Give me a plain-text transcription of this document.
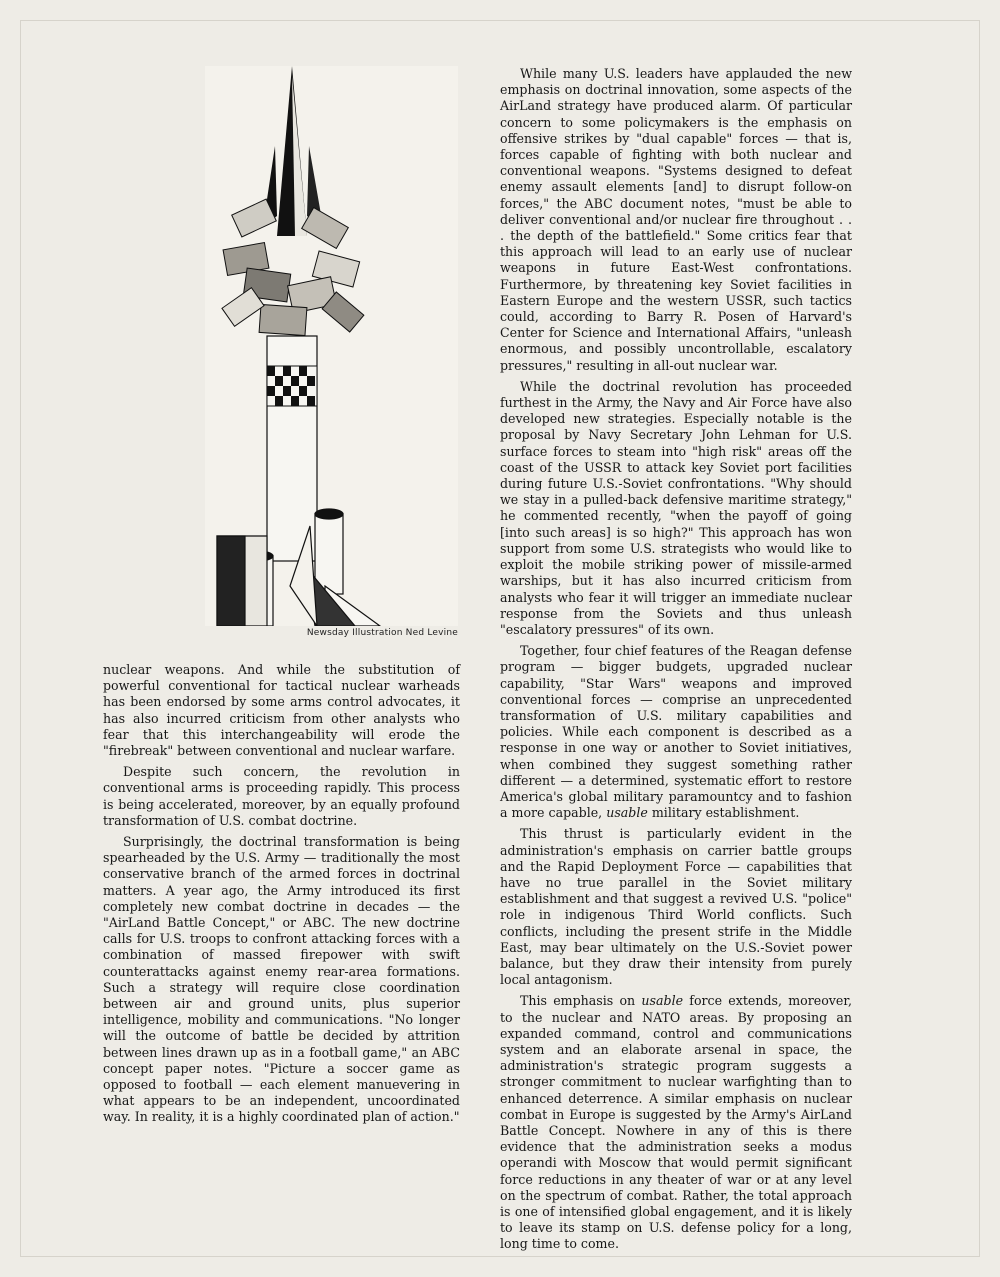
Newsday Illustration Ned Levine

nuclear weapons. And while the substitution of powerful conventional for tactical nuclear warheads has been endorsed by some arms control advocates, it has also incurred criticism from other analysts who fear that this interchangeability will erode the "firebreak" between conventional and nuclear warfare.

Despite such concern, the revolution in conventional arms is proceeding rapidly. This process is being accelerated, moreover, by an equally profound transformation of U.S. combat doctrine.

Surprisingly, the doctrinal transformation is being spearheaded by the U.S. Army — traditionally the most conservative branch of the armed forces in doctrinal matters. A year ago, the Army introduced its first completely new combat doctrine in decades — the "AirLand Battle Concept," or ABC. The new doctrine calls for U.S. troops to confront attacking forces with a combination of massed firepower with swift counterattacks against enemy rear-area formations. Such a strategy will require close coordination between air and ground units, plus superior intelligence, mobility and communications. "No longer will the outcome of battle be decided by attrition between lines drawn up as in a football game," an ABC concept paper notes. "Picture a soccer game as opposed to football — each element manuevering in what appears to be an independent, uncoordinated way. In reality, it is a highly coordinated plan of action."

While many U.S. leaders have applauded the new emphasis on doctrinal innovation, some aspects of the AirLand strategy have produced alarm. Of particular concern to some policymakers is the emphasis on offensive strikes by "dual capable" forces — that is, forces capable of fighting with both nuclear and conventional weapons. "Systems designed to defeat enemy assault elements [and] to disrupt follow-on forces," the ABC document notes, "must be able to deliver conventional and/or nuclear fire throughout . . . the depth of the battlefield." Some critics fear that this approach will lead to an early use of nuclear weapons in future East-West confrontations. Furthermore, by threatening key Soviet facilities in Eastern Europe and the western USSR, such tactics could, according to Barry R. Posen of Harvard's Center for Science and International Affairs, "unleash enormous, and possibly uncontrollable, escalatory pressures," resulting in all-out nuclear war.

While the doctrinal revolution has proceeded furthest in the Army, the Navy and Air Force have also developed new strategies. Especially notable is the proposal by Navy Secretary John Lehman for U.S. surface forces to steam into "high risk" areas off the coast of the USSR to attack key Soviet port facilities during future U.S.-Soviet confrontations. "Why should we stay in a pulled-back defensive maritime strategy," he commented recently, "when the payoff of going [into such areas] is so high?" This approach has won support from some U.S. strategists who would like to exploit the mobile striking power of missile-armed warships, but it has also incurred criticism from analysts who fear it will trigger an immediate nuclear response from the Soviets and thus unleash "escalatory pressures" of its own.

Together, four chief features of the Reagan defense program — bigger budgets, upgraded nuclear capability, "Star Wars" weapons and improved conventional forces — comprise an unprecedented transformation of U.S. military capabilities and policies. While each component is described as a response in one way or another to Soviet initiatives, when combined they suggest something rather different — a determined, systematic effort to restore America's global military paramountcy and to fashion a more capable, usable military establishment.

This thrust is particularly evident in the administration's emphasis on carrier battle groups and the Rapid Deployment Force — capabilities that have no true parallel in the Soviet military establishment and that suggest a revived U.S. "police" role in indigenous Third World conflicts. Such conflicts, including the present strife in the Middle East, may bear ultimately on the U.S.-Soviet power balance, but they draw their intensity from purely local antagonism.

This emphasis on usable force extends, moreover, to the nuclear and NATO areas. By proposing an expanded command, control and communications system and an elaborate arsenal in space, the administration's strategic program suggests a stronger commitment to nuclear warfighting than to enhanced deterrence. A similar emphasis on nuclear combat in Europe is suggested by the Army's AirLand Battle Concept. Nowhere in any of this is there evidence that the administration seeks a modus operandi with Moscow that would permit significant force reductions in any theater of war or at any level on the spectrum of combat. Rather, the total approach is one of intensified global engagement, and it is likely to leave its stamp on U.S. defense policy for a long, long time to come.
